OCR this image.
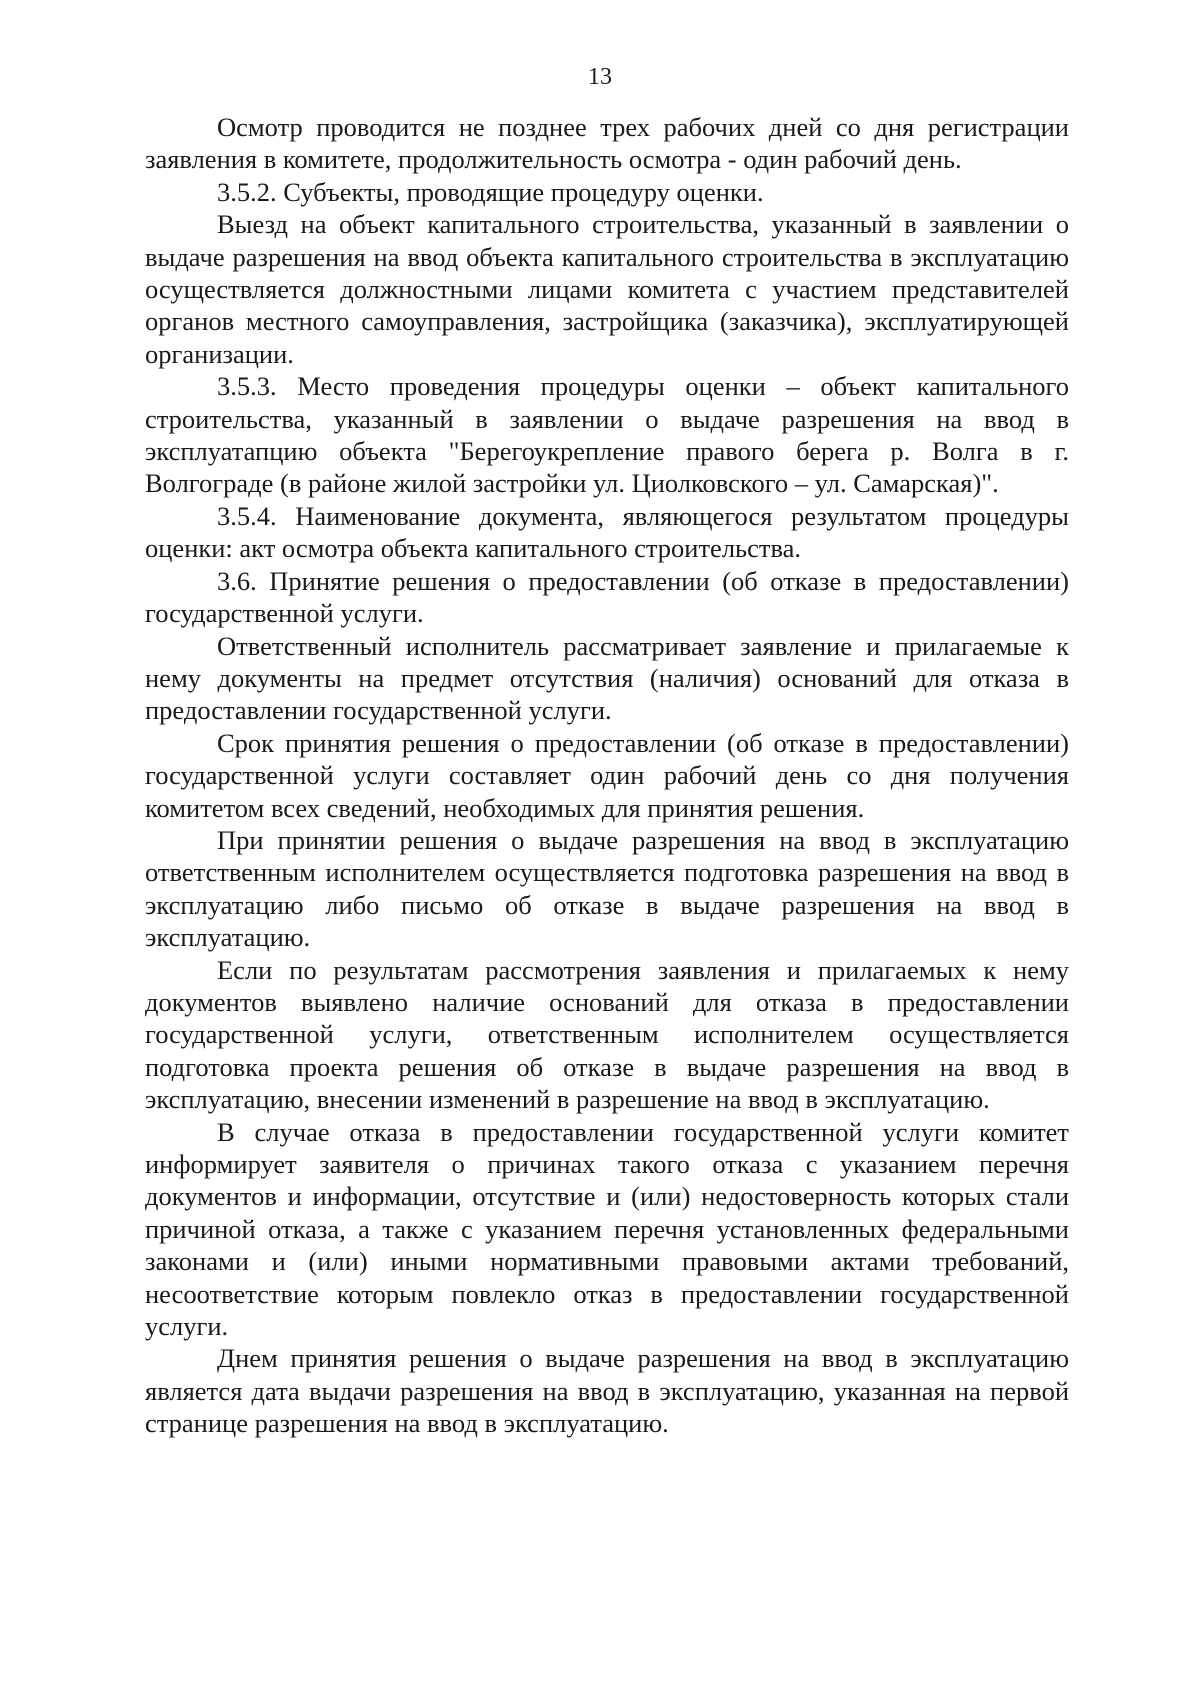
13

Осмотр проводится не позднее трех рабочих дней со дня регистрации заявления в комитете, продолжительность осмотра - один рабочий день.

3.5.2. Субъекты, проводящие процедуру оценки.

Выезд на объект капитального строительства, указанный в заявлении о выдаче разрешения на ввод объекта капитального строительства в эксплуатацию осуществляется должностными лицами комитета с участием представителей органов местного самоуправления, застройщика (заказчика), эксплуатирующей организации.

3.5.3. Место проведения процедуры оценки – объект капитального строительства, указанный в заявлении о выдаче разрешения на ввод в эксплуатапцию объекта "Берегоукрепление правого берега р. Волга в г. Волгограде (в районе жилой застройки ул. Циолковского – ул. Самарская)".

3.5.4. Наименование документа, являющегося результатом процедуры оценки: акт осмотра объекта капитального строительства.

3.6. Принятие решения о предоставлении (об отказе в предоставлении) государственной услуги.

Ответственный исполнитель рассматривает заявление и прилагаемые к нему документы на предмет отсутствия (наличия) оснований для отказа в предоставлении государственной услуги.

Срок принятия решения о предоставлении (об отказе в предоставлении) государственной услуги составляет один рабочий день со дня получения комитетом всех сведений, необходимых для принятия решения.

При принятии решения о выдаче разрешения на ввод в эксплуатацию ответственным исполнителем осуществляется подготовка разрешения на ввод в эксплуатацию либо письмо об отказе в выдаче разрешения на ввод в эксплуатацию.

Если по результатам рассмотрения заявления и прилагаемых к нему документов выявлено наличие оснований для отказа в предоставлении государственной услуги, ответственным исполнителем осуществляется подготовка проекта решения об отказе в выдаче разрешения на ввод в эксплуатацию, внесении изменений в разрешение на ввод в эксплуатацию.

В случае отказа в предоставлении государственной услуги комитет информирует заявителя о причинах такого отказа с указанием перечня документов и информации, отсутствие и (или) недостоверность которых стали причиной отказа, а также с указанием перечня установленных федеральными законами и (или) иными нормативными правовыми актами требований, несоответствие которым повлекло отказ в предоставлении государственной услуги.

Днем принятия решения о выдаче разрешения на ввод в эксплуатацию является дата выдачи разрешения на ввод в эксплуатацию, указанная на первой странице разрешения на ввод в эксплуатацию.
